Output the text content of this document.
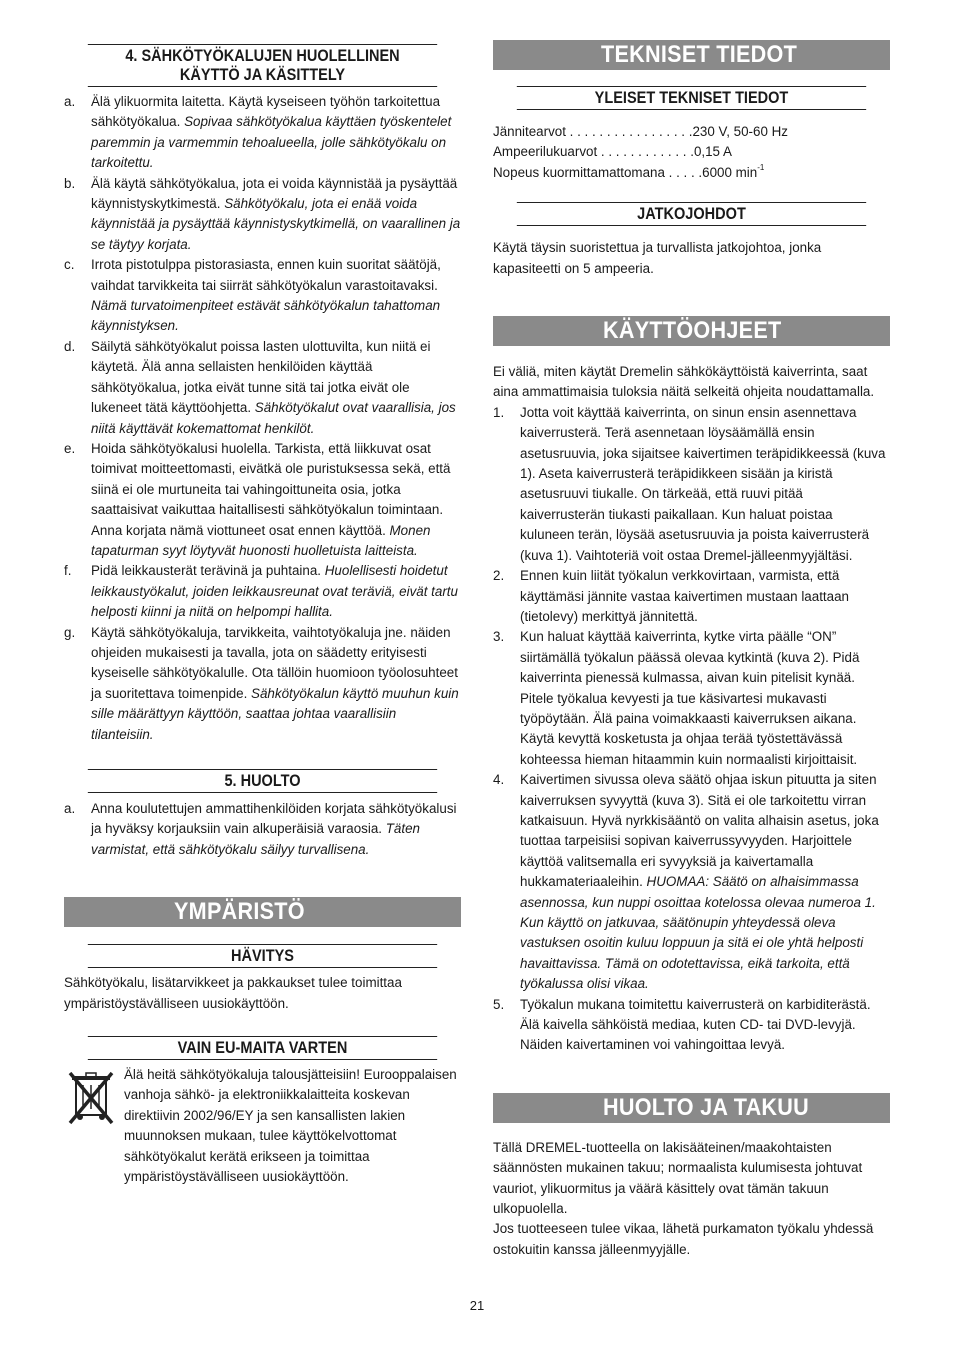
4. SÄHKÖTYÖKALUJEN HUOLELLINEN
KÄYTTÖ JA KÄSITTELY
a. Älä ylikuormita laitetta. Käytä kyseiseen työhön tarkoitettua sähkötyökalua. Sopivaa sähkötyökalua käyttäen työskentelet paremmin ja varmemmin tehoalueella, jolle sähkötyökalu on tarkoitettu.
b. Älä käytä sähkötyökalua, jota ei voida käynnistää ja pysäyttää käynnistyskytkimestä. Sähkötyökalu, jota ei enää voida käynnistää ja pysäyttää käynnistyskytkimellä, on vaarallinen ja se täytyy korjata.
c. Irrota pistotulppa pistorasiasta, ennen kuin suoritat säätöjä, vaihdat tarvikkeita tai siirrät sähkötyökalun varastoitavaksi. Nämä turvatoimenpiteet estävät sähkötyökalun tahattoman käynnistyksen.
d. Säilytä sähkötyökalut poissa lasten ulottuvilta, kun niitä ei käytetä. Älä anna sellaisten henkilöiden käyttää sähkötyökalua, jotka eivät tunne sitä tai jotka eivät ole lukeneet tätä käyttöohjetta. Sähkötyökalut ovat vaarallisia, jos niitä käyttävät kokemattomat henkilöt.
e. Hoida sähkötyökalusi huolella. Tarkista, että liikkuvat osat toimivat moitteettomasti, eivätkä ole puristuksessa sekä, että siinä ei ole murtuneita tai vahingoittuneita osia, jotka saattaisivat vaikuttaa haitallisesti sähkötyökalun toimintaan. Anna korjata nämä viottuneet osat ennen käyttöä. Monen tapaturman syyt löytyvät huonosti huolletuista laitteista.
f. Pidä leikkausterät terävinä ja puhtaina. Huolellisesti hoidetut leikkaustyökalut, joiden leikkausreunat ovat teräviä, eivät tartu helposti kiinni ja niitä on helpompi hallita.
g. Käytä sähkötyökaluja, tarvikkeita, vaihtotyökaluja jne. näiden ohjeiden mukaisesti ja tavalla, jota on säädetty erityisesti kyseiselle sähkötyökalulle. Ota tällöin huomioon työolosuhteet ja suoritettava toimenpide. Sähkötyökalun käyttö muuhun kuin sille määrättyyn käyttöön, saattaa johtaa vaarallisiin tilanteisiin.
5. HUOLTO
a. Anna koulutettujen ammattihenkilöiden korjata sähkötyökalusi ja hyväksy korjauksiin vain alkuperäisiä varaosia. Täten varmistat, että sähkötyökalu säilyy turvallisena.
YMPÄRISTÖ
HÄVITYS
Sähkötyökalu, lisätarvikkeet ja pakkaukset tulee toimittaa ympäristöystävälliseen uusiokäyttöön.
VAIN EU-MAITA VARTEN
Älä heitä sähkötyökaluja talousjätteisiin! Eurooppalaisen vanhoja sähkö- ja elektroniikkalaitteita koskevan direktiivin 2002/96/EY ja sen kansallisten lakien muunnoksen mukaan, tulee käyttökelvottomat sähkötyökalut kerätä erikseen ja toimittaa ympäristöystävälliseen uusiokäyttöön.
TEKNISET TIEDOT
YLEISET TEKNISET TIEDOT
Jännitearvot . . . . . . . . . . . . . . . . .230 V, 50-60 Hz
Ampeerilukuarvot . . . . . . . . . . . . .0,15 A
Nopeus kuormittamattomana . . . . .6000 $\min^{-1}$
JATKOJOHDOT
Käytä täysin suoristettua ja turvallista jatkojohtoa, jonka kapasiteetti on 5 ampeeria.
KÄYTTÖOHJEET
Ei väliä, miten käytät Dremelin sähkökäyttöistä kaiverrinta, saat aina ammattimaisia tuloksia näitä selkeitä ohjeita noudattamalla.
1. Jotta voit käyttää kaiverrinta, on sinun ensin asennettava kaiverrusterä. Terä asennetaan löysäämällä ensin asetusruuvia, joka sijaitsee kaivertimen teräpidikkeessä (kuva 1). Aseta kaiverrusterä teräpidikkeen sisään ja kiristä asetusruuvi tiukalle. On tärkeää, että ruuvi pitää kaiverrusterän tiukasti paikallaan. Kun haluat poistaa kuluneen terän, löysää asetusruuvia ja poista kaiverrusterä (kuva 1). Vaihtoteriä voit ostaa Dremel-jälleenmyyjältäsi.
2. Ennen kuin liität työkalun verkkovirtaan, varmista, että käyttämäsi jännite vastaa kaivertimen mustaan laattaan (tietolevy) merkittyä jännitettä.
3. Kun haluat käyttää kaiverrinta, kytke virta päälle “ON” siirtämällä työkalun päässä olevaa kytkintä (kuva 2). Pidä kaiverrinta pienessä kulmassa, aivan kuin pitelisit kynää. Pitele työkalua kevyesti ja tue käsivartesi mukavasti työpöytään. Älä paina voimakkaasti kaiverruksen aikana. Käytä kevyttä kosketusta ja ohjaa terää työstettävässä kohteessa hieman hitaammin kuin normaalisti kirjoittaisit.
4. Kaivertimen sivussa oleva säätö ohjaa iskun pituutta ja siten kaiverruksen syvyyttä (kuva 3). Sitä ei ole tarkoitettu virran katkaisuun. Hyvä nyrkkisääntö on valita alhaisin asetus, joka tuottaa tarpeisiisi sopivan kaiverrussyvyyden. Harjoittele käyttöä valitsemalla eri syvyyksiä ja kaivertamalla hukkamateriaaleihin. HUOMAA: Säätö on alhaisimmassa asennossa, kun nuppi osoittaa kotelossa olevaa numeroa 1. Kun käyttö on jatkuvaa, säätönupin yhteydessä oleva vastuksen osoitin kuluu loppuun ja sitä ei ole yhtä helposti havaittavissa. Tämä on odotettavissa, eikä tarkoita, että työkalussa olisi vikaa.
5. Työkalun mukana toimitettu kaiverrusterä on karbiditerästä. Älä kaivella sähköistä mediaa, kuten CD- tai DVD-levyjä. Näiden kaivertaminen voi vahingoittaa levyä.
HUOLTO JA TAKUU
Tällä DREMEL-tuotteella on lakisääteinen/maakohtaisten säännösten mukainen takuu; normaalista kulumisesta johtuvat vauriot, ylikuormitus ja väärä käsittely ovat tämän takuun ulkopuolella.
Jos tuotteeseen tulee vikaa, lähetä purkamaton työkalu yhdessä ostokuitin kanssa jälleenmyyjälle.
21
